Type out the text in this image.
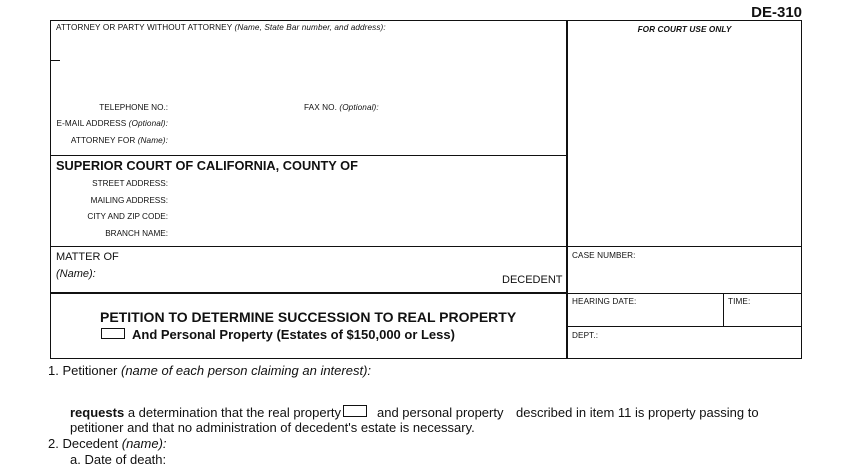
DE-310
ATTORNEY OR PARTY WITHOUT ATTORNEY (Name, State Bar number, and address):
TELEPHONE NO.:	FAX NO. (Optional):
E-MAIL ADDRESS (Optional):
ATTORNEY FOR (Name):
FOR COURT USE ONLY
SUPERIOR COURT OF CALIFORNIA, COUNTY OF
STREET ADDRESS:
MAILING ADDRESS:
CITY AND ZIP CODE:
BRANCH NAME:
MATTER OF
(Name):	DECEDENT
CASE NUMBER:
PETITION TO DETERMINE SUCCESSION TO REAL PROPERTY
And Personal Property (Estates of $150,000 or Less)
HEARING DATE:	TIME:
DEPT.:
1. Petitioner (name of each person claiming an interest):
requests a determination that the real property	and personal property described in item 11 is property passing to
petitioner and that no administration of decedent's estate is necessary.
2. Decedent (name):
a. Date of death:
